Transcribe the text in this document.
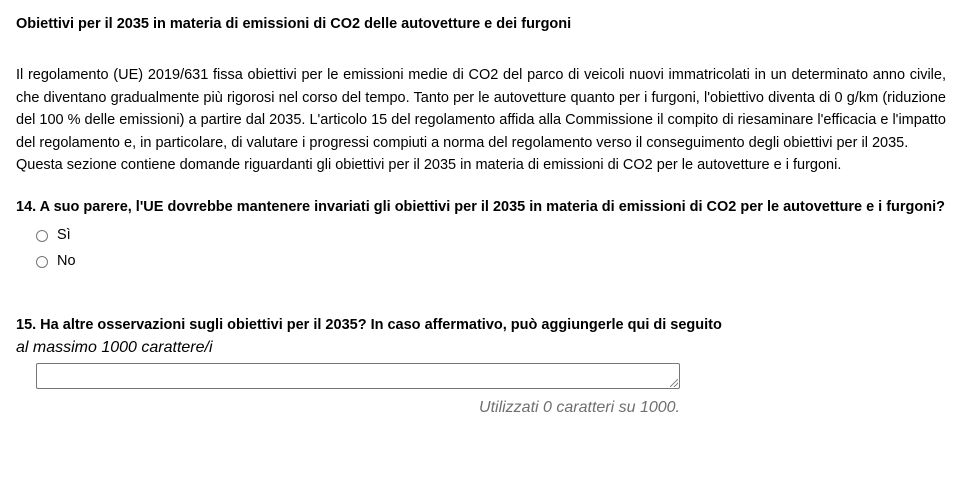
Obiettivi per il 2035 in materia di emissioni di CO2 delle autovetture e dei furgoni

Il regolamento (UE) 2019/631 fissa obiettivi per le emissioni medie di CO2 del parco di veicoli nuovi immatricolati in un determinato anno civile, che diventano gradualmente più rigorosi nel corso del tempo. Tanto per le autovetture quanto per i furgoni, l'obiettivo diventa di 0 g/km (riduzione del 100 % delle emissioni) a partire dal 2035. L'articolo 15 del regolamento affida alla Commissione il compito di riesaminare l'efficacia e l'impatto del regolamento e, in particolare, di valutare i progressi compiuti a norma del regolamento verso il conseguimento degli obiettivi per il 2035.

Questa sezione contiene domande riguardanti gli obiettivi per il 2035 in materia di emissioni di CO2 per le autovetture e i furgoni.

14. A suo parere, l'UE dovrebbe mantenere invariati gli obiettivi per il 2035 in materia di emissioni di CO2 per le autovetture e i furgoni?

Sì
No

15. Ha altre osservazioni sugli obiettivi per il 2035? In caso affermativo, può aggiungerle qui di seguito

al massimo 1000 carattere/i

Utilizzati 0 caratteri su 1000.
